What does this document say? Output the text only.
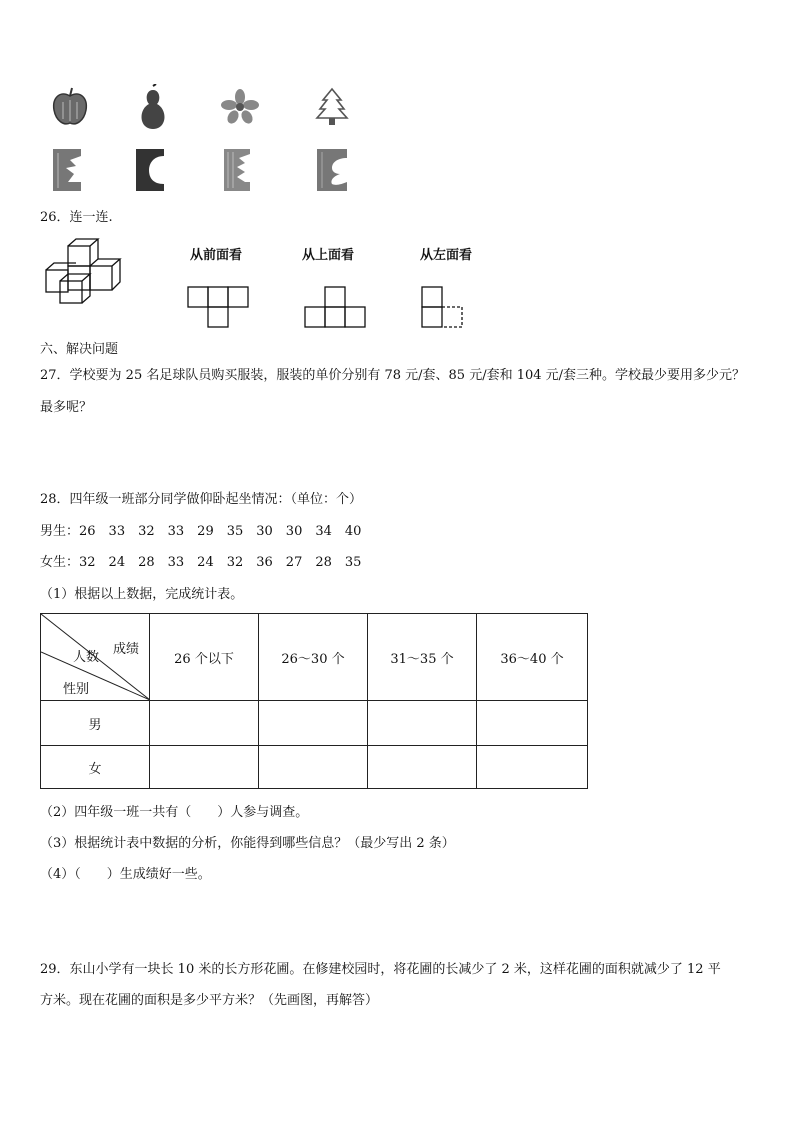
26．连一连.
从前面看	从上面看	从左面看
六、解决问题
27．学校要为 25 名足球队员购买服装，服装的单价分别有 78 元/套、85 元/套和 104 元/套三种。学校最少要用多少元？
最多呢？
28．四年级一班部分同学做仰卧起坐情况：（单位：个）
男生：26　33　32　33　29　35　30　30　34　40
女生：32　24　28　33　24　32　36　27　28　35
（1）根据以上数据，完成统计表。
成绩
人数
性别	26 个以下	26～30 个	31～35 个	36～40 个
男				
女				
（2）四年级一班一共有（　　）人参与调查。
（3）根据统计表中数据的分析，你能得到哪些信息？（最少写出 2 条）
（4）（　　）生成绩好一些。
29．东山小学有一块长 10 米的长方形花圃。在修建校园时，将花圃的长减少了 2 米，这样花圃的面积就减少了 12 平
方米。现在花圃的面积是多少平方米？（先画图，再解答）
